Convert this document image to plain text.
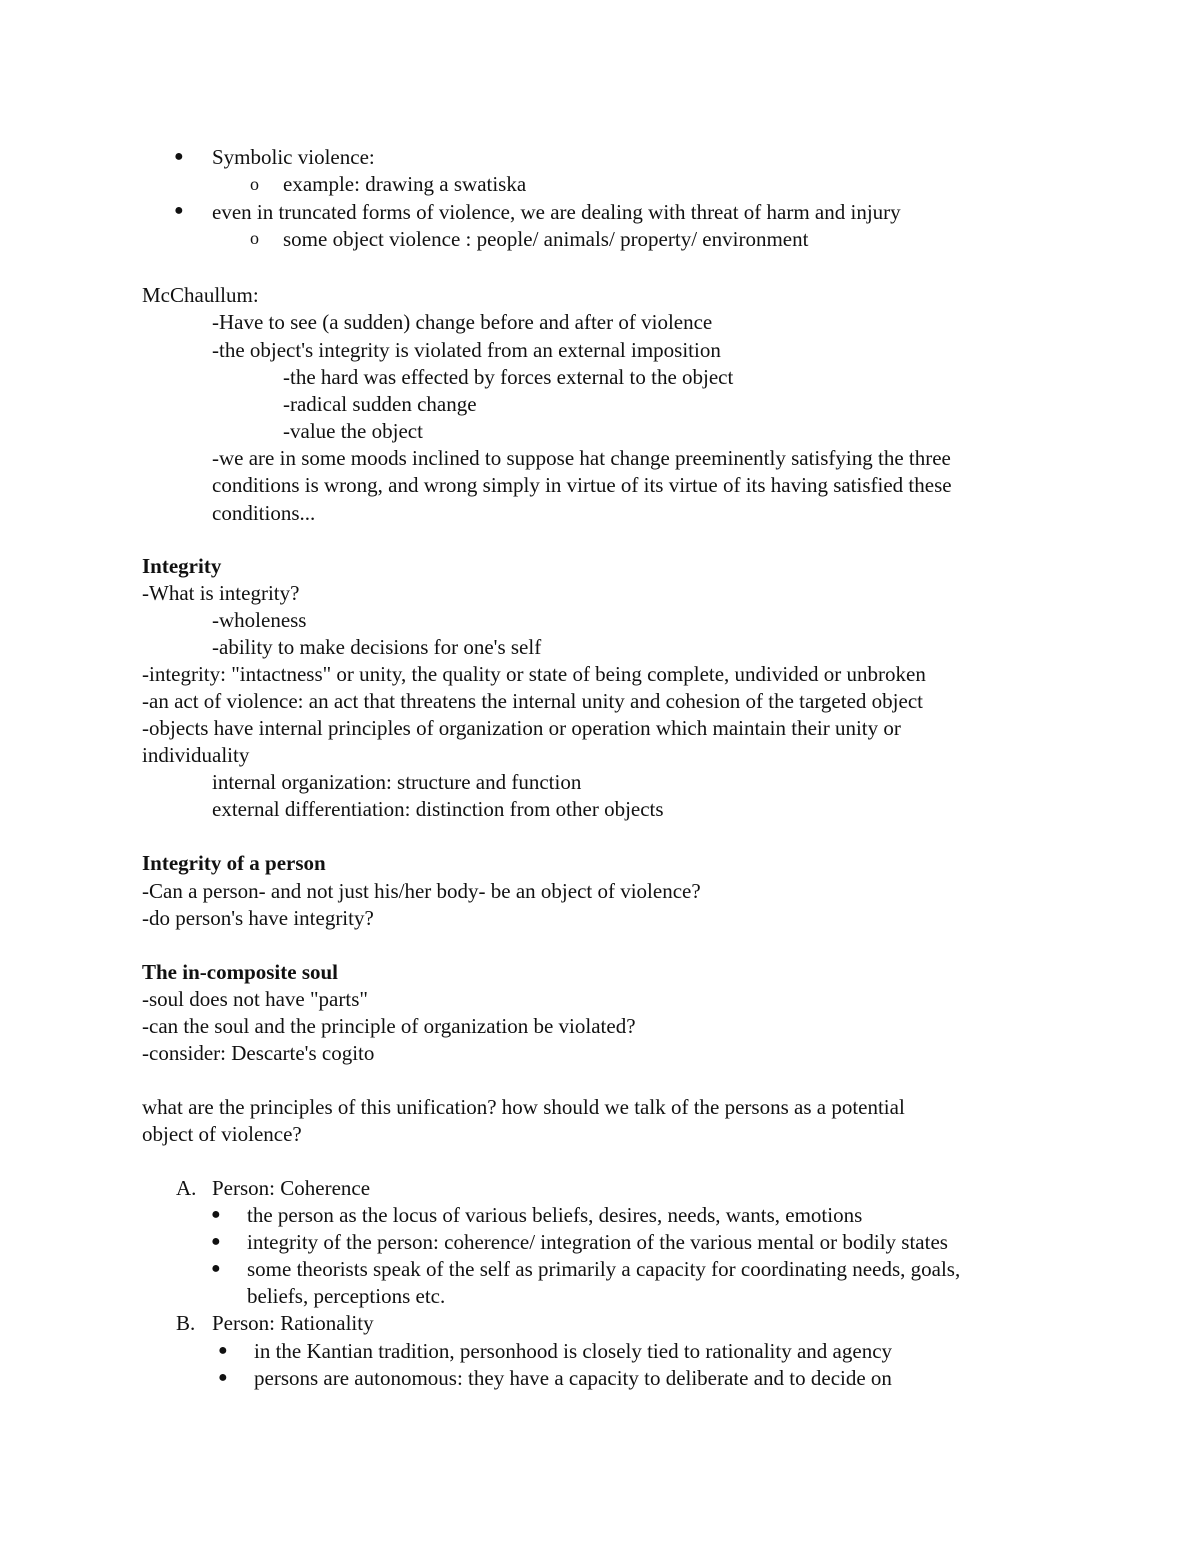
● Symbolic violence:
o example: drawing a swatiska
● even in truncated forms of violence, we are dealing with threat of harm and injury
o some object violence : people/ animals/ property/ environment
McChaullum:
-Have to see (a sudden) change before and after of violence
-the object's integrity is violated from an external imposition
-the hard was effected by forces external to the object
-radical sudden change
-value the object
-we are in some moods inclined to suppose hat change preeminently satisfying the three
conditions is wrong, and wrong simply in virtue of its virtue of its having satisfied these
conditions...
Integrity
-What is integrity?
-wholeness
-ability to make decisions for one's self
-integrity: "intactness" or unity, the quality or state of being complete, undivided or unbroken
-an act of violence: an act that threatens the internal unity and cohesion of the targeted object
-objects have internal principles of organization or operation which maintain their unity or
individuality
internal organization: structure and function
external differentiation: distinction from other objects
Integrity of a person
-Can a person- and not just his/her body- be an object of violence?
-do person's have integrity?
The in-composite soul
-soul does not have "parts"
-can the soul and the principle of organization be violated?
-consider: Descarte's cogito
what are the principles of this unification? how should we talk of the persons as a potential
object of violence?
A. Person: Coherence
● the person as the locus of various beliefs, desires, needs, wants, emotions
● integrity of the person: coherence/ integration of the various mental or bodily states
● some theorists speak of the self as primarily a capacity for coordinating needs, goals,
beliefs, perceptions etc.
B. Person: Rationality
● in the Kantian tradition, personhood is closely tied to rationality and agency
● persons are autonomous: they have a capacity to deliberate and to decide on
